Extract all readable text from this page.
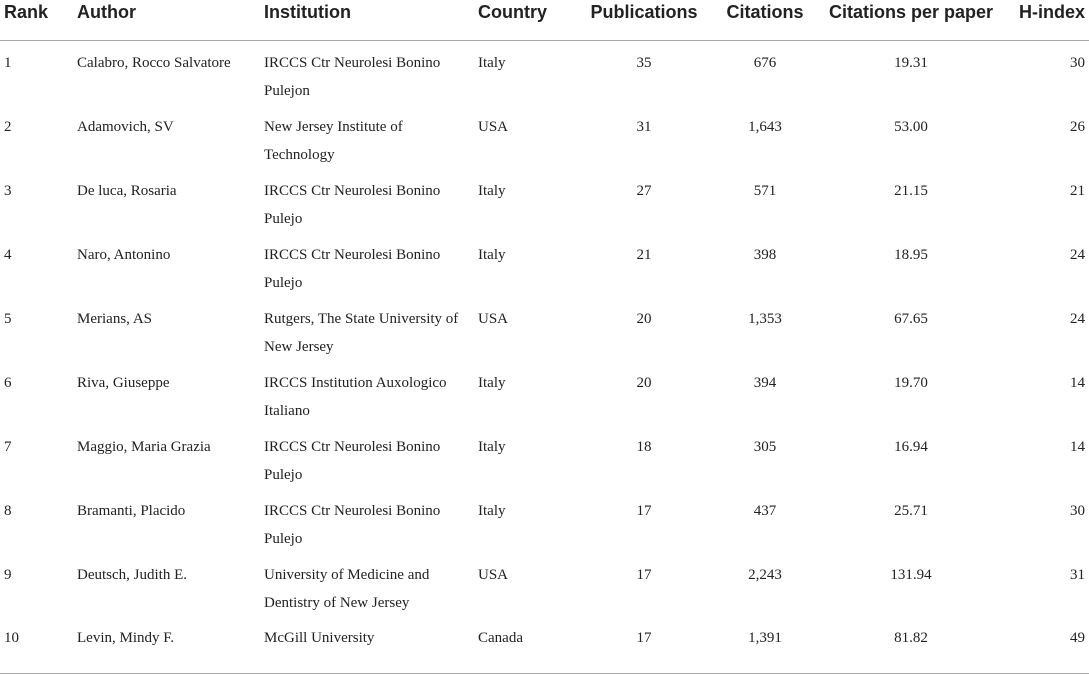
Rank	Author	Institution	Country	Publications	Citations	Citations per paper	H-index
1	Calabro, Rocco Salvatore	IRCCS Ctr Neurolesi Bonino Pulejon	Italy	35	676	19.31	30
2	Adamovich, SV	New Jersey Institute of Technology	USA	31	1,643	53.00	26
3	De luca, Rosaria	IRCCS Ctr Neurolesi Bonino Pulejo	Italy	27	571	21.15	21
4	Naro, Antonino	IRCCS Ctr Neurolesi Bonino Pulejo	Italy	21	398	18.95	24
5	Merians, AS	Rutgers, The State University of New Jersey	USA	20	1,353	67.65	24
6	Riva, Giuseppe	IRCCS Institution Auxologico Italiano	Italy	20	394	19.70	14
7	Maggio, Maria Grazia	IRCCS Ctr Neurolesi Bonino Pulejo	Italy	18	305	16.94	14
8	Bramanti, Placido	IRCCS Ctr Neurolesi Bonino Pulejo	Italy	17	437	25.71	30
9	Deutsch, Judith E.	University of Medicine and Dentistry of New Jersey	USA	17	2,243	131.94	31
10	Levin, Mindy F.	McGill University	Canada	17	1,391	81.82	49
